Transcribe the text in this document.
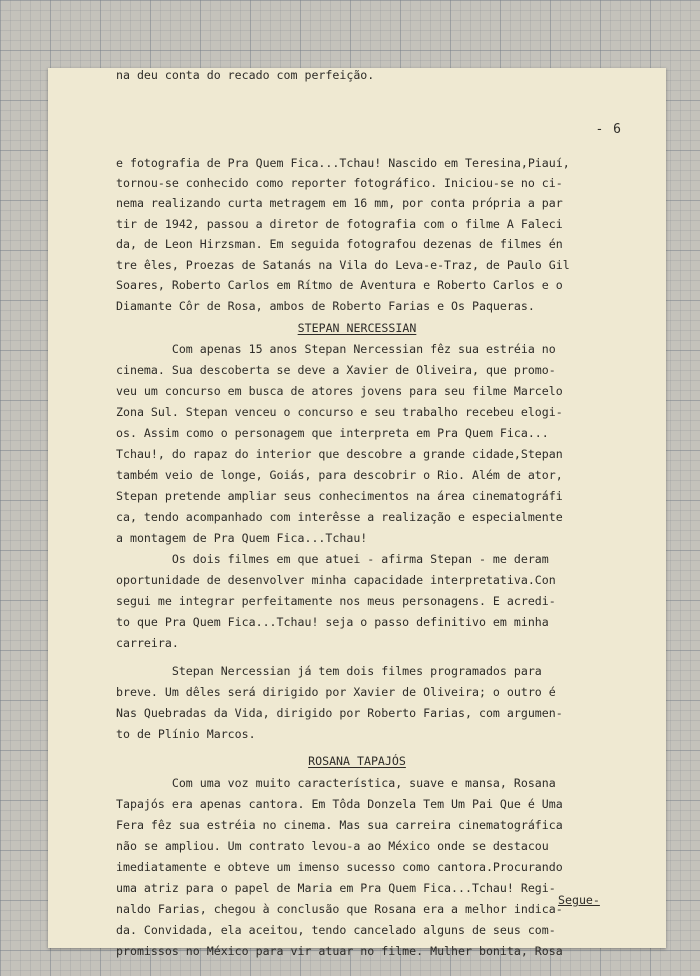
- 6
e fotografia de Pra Quem Fica...Tchau! Nascido em Teresina,Piauí,
tornou-se conhecido como reporter fotográfico. Iniciou-se no ci-
nema realizando curta metragem em 16 mm, por conta própria a par
tir de 1942, passou a diretor de fotografia com o filme A Faleci
da, de Leon Hirzsman. Em seguida fotografou dezenas de filmes én
tre êles, Proezas de Satanás na Vila do Leva-e-Traz, de Paulo Gil
Soares, Roberto Carlos em Rítmo de Aventura e Roberto Carlos e o
Diamante Côr de Rosa, ambos de Roberto Farias e Os Paqueras.
STEPAN NERCESSIAN
Com apenas 15 anos Stepan Nercessian fêz sua estréia no
cinema. Sua descoberta se deve a Xavier de Oliveira, que promo-
veu um concurso em busca de atores jovens para seu filme Marcelo
Zona Sul. Stepan venceu o concurso e seu trabalho recebeu elogi-
os. Assim como o personagem que interpreta em Pra Quem Fica...
Tchau!, do rapaz do interior que descobre a grande cidade,Stepan
também veio de longe, Goiás, para descobrir o Rio. Além de ator,
Stepan pretende ampliar seus conhecimentos na área cinematográfi
ca, tendo acompanhado com interêsse a realização e especialmente
a montagem de Pra Quem Fica...Tchau!
Os dois filmes em que atuei - afirma Stepan - me deram
oportunidade de desenvolver minha capacidade interpretativa.Con
segui me integrar perfeitamente nos meus personagens. E acredi-
to que Pra Quem Fica...Tchau! seja o passo definitivo em minha
carreira.
Stepan Nercessian já tem dois filmes programados para
breve. Um dêles será dirigido por Xavier de Oliveira; o outro é
Nas Quebradas da Vida, dirigido por Roberto Farias, com argumen-
to de Plínio Marcos.
ROSANA TAPAJÓS
Com uma voz muito característica, suave e mansa, Rosana
Tapajós era apenas cantora. Em Tôda Donzela Tem Um Pai Que é Uma
Fera fêz sua estréia no cinema. Mas sua carreira cinematográfica
não se ampliou. Um contrato levou-a ao México onde se destacou
imediatamente e obteve um imenso sucesso como cantora.Procurando
uma atriz para o papel de Maria em Pra Quem Fica...Tchau! Regi-
naldo Farias, chegou à conclusão que Rosana era a melhor indica-
da. Convidada, ela aceitou, tendo cancelado alguns de seus com-
promissos no México para vir atuar no filme. Mulher bonita, Rosa
na deu conta do recado com perfeição.
Segue-
